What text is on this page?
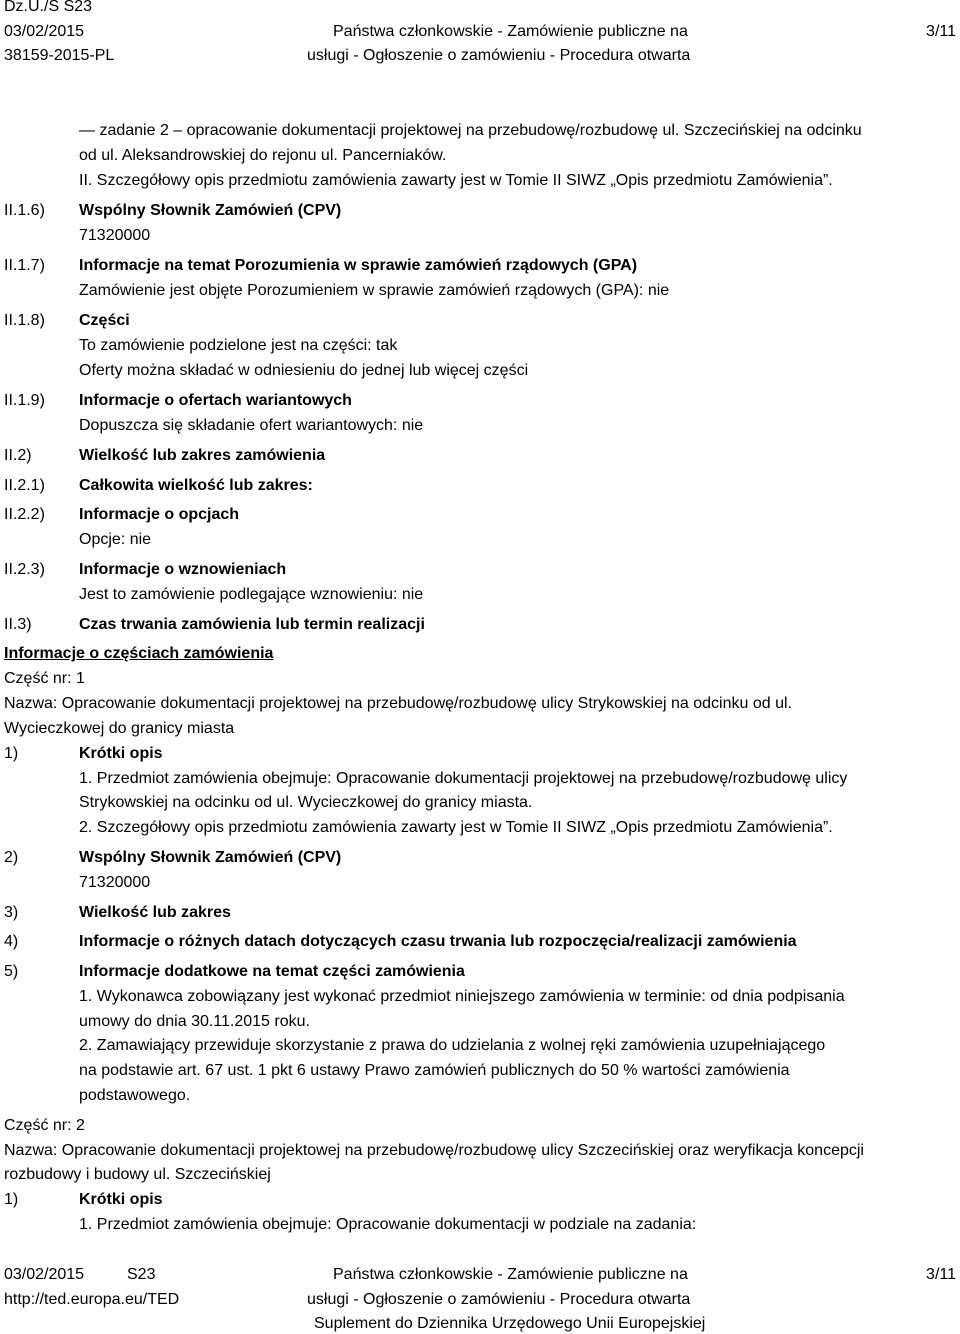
Dz.U./S S23
03/02/2015
38159-2015-PL
Państwa członkowskie - Zamówienie publiczne na
usługi - Ogłoszenie o zamówieniu - Procedura otwarta
3/11
— zadanie 2 – opracowanie dokumentacji projektowej na przebudowę/rozbudowę ul. Szczecińskiej na odcinku
od ul. Aleksandrowskiej do rejonu ul. Pancerniaków.
II. Szczegółowy opis przedmiotu zamówienia zawarty jest w Tomie II SIWZ „Opis przedmiotu Zamówienia”.
II.1.6) Wspólny Słownik Zamówień (CPV)
71320000
II.1.7) Informacje na temat Porozumienia w sprawie zamówień rządowych (GPA)
Zamówienie jest objęte Porozumieniem w sprawie zamówień rządowych (GPA): nie
II.1.8) Części
To zamówienie podzielone jest na części: tak
Oferty można składać w odniesieniu do jednej lub więcej części
II.1.9) Informacje o ofertach wariantowych
Dopuszcza się składanie ofert wariantowych: nie
II.2)	Wielkość lub zakres zamówienia
II.2.1) Całkowita wielkość lub zakres:
II.2.2) Informacje o opcjach
Opcje: nie
II.2.3) Informacje o wznowieniach
Jest to zamówienie podlegające wznowieniu: nie
II.3)	Czas trwania zamówienia lub termin realizacji
Informacje o częściach zamówienia
Część nr: 1
Nazwa: Opracowanie dokumentacji projektowej na przebudowę/rozbudowę ulicy Strykowskiej na odcinku od ul.
Wycieczkowej do granicy miasta
1)	Krótki opis
1. Przedmiot zamówienia obejmuje: Opracowanie dokumentacji projektowej na przebudowę/rozbudowę ulicy
Strykowskiej na odcinku od ul. Wycieczkowej do granicy miasta.
2. Szczegółowy opis przedmiotu zamówienia zawarty jest w Tomie II SIWZ „Opis przedmiotu Zamówienia”.
2)	Wspólny Słownik Zamówień (CPV)
71320000
3)	Wielkość lub zakres
4)	Informacje o różnych datach dotyczących czasu trwania lub rozpoczęcia/realizacji zamówienia
5)	Informacje dodatkowe na temat części zamówienia
1. Wykonawca zobowiązany jest wykonać przedmiot niniejszego zamówienia w terminie: od dnia podpisania
umowy do dnia 30.11.2015 roku.
2. Zamawiający przewiduje skorzystanie z prawa do udzielania z wolnej ręki zamówienia uzupełniającego
na podstawie art. 67 ust. 1 pkt 6 ustawy Prawo zamówień publicznych do 50 % wartości zamówienia
podstawowego.
Część nr: 2
Nazwa: Opracowanie dokumentacji projektowej na przebudowę/rozbudowę ulicy Szczecińskiej oraz weryfikacja koncepcji
rozbudowy i budowy ul. Szczecińskiej
1)	Krótki opis
1. Przedmiot zamówienia obejmuje: Opracowanie dokumentacji w podziale na zadania:
03/02/2015	S23
http://ted.europa.eu/TED
Państwa członkowskie - Zamówienie publiczne na
usługi - Ogłoszenie o zamówieniu - Procedura otwarta
Suplement do Dziennika Urzędowego Unii Europejskiej
3/11
